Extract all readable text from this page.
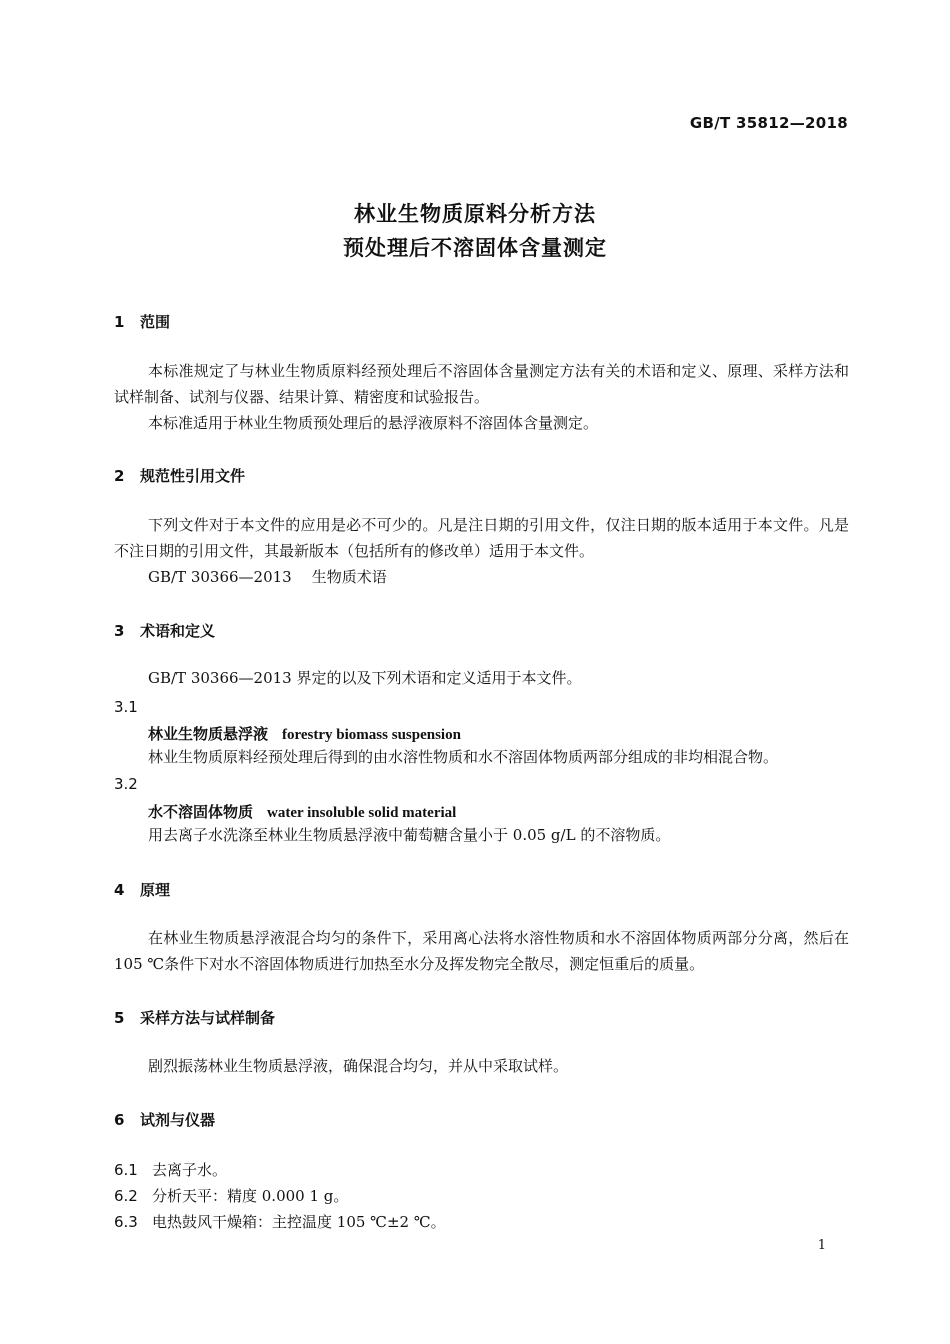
GB/T 35812—2018
林业生物质原料分析方法
预处理后不溶固体含量测定
1 范围
本标准规定了与林业生物质原料经预处理后不溶固体含量测定方法有关的术语和定义、原理、采样方法和试样制备、试剂与仪器、结果计算、精密度和试验报告。
本标准适用于林业生物质预处理后的悬浮液原料不溶固体含量测定。
2 规范性引用文件
下列文件对于本文件的应用是必不可少的。凡是注日期的引用文件，仅注日期的版本适用于本文件。凡是不注日期的引用文件，其最新版本（包括所有的修改单）适用于本文件。
GB/T 30366—2013 生物质术语
3 术语和定义
GB/T 30366—2013 界定的以及下列术语和定义适用于本文件。
3.1
林业生物质悬浮液 forestry biomass suspension
林业生物质原料经预处理后得到的由水溶性物质和水不溶固体物质两部分组成的非均相混合物。
3.2
水不溶固体物质 water insoluble solid material
用去离子水洗涤至林业生物质悬浮液中葡萄糖含量小于 0.05 g/L 的不溶物质。
4 原理
在林业生物质悬浮液混合均匀的条件下，采用离心法将水溶性物质和水不溶固体物质两部分分离，然后在 105 ℃条件下对水不溶固体物质进行加热至水分及挥发物完全散尽，测定恒重后的质量。
5 采样方法与试样制备
剧烈振荡林业生物质悬浮液，确保混合均匀，并从中采取试样。
6 试剂与仪器
6.1 去离子水。
6.2 分析天平：精度 0.000 1 g。
6.3 电热鼓风干燥箱：主控温度 105 ℃±2 ℃。
1
